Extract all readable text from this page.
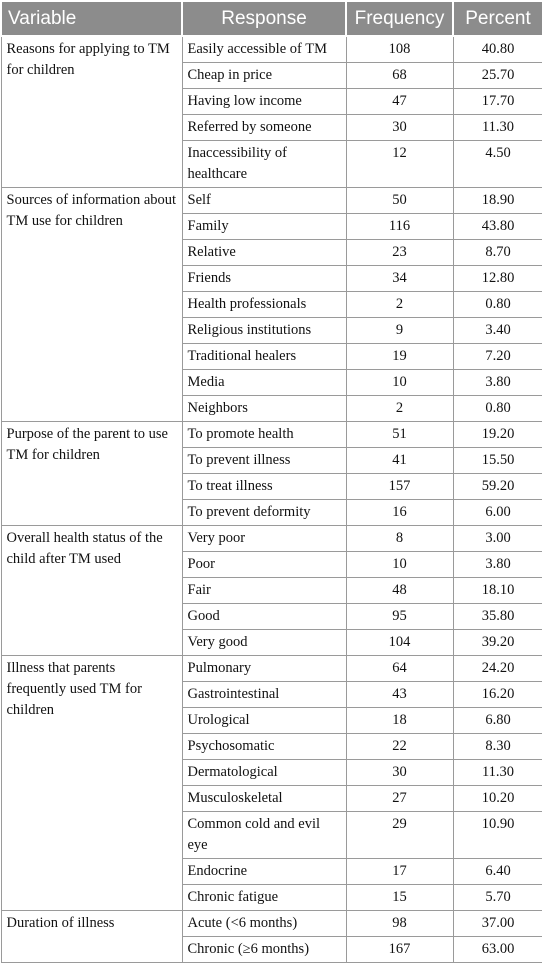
Variable	Response	Frequency	Percent
Reasons for applying to TM for children	Easily accessible of TM	108	40.80
	Cheap in price	68	25.70
	Having low income	47	17.70
	Referred by someone	30	11.30
	Inaccessibility of healthcare	12	4.50
Sources of information about TM use for children	Self	50	18.90
	Family	116	43.80
	Relative	23	8.70
	Friends	34	12.80
	Health professionals	2	0.80
	Religious institutions	9	3.40
	Traditional healers	19	7.20
	Media	10	3.80
	Neighbors	2	0.80
Purpose of the parent to use TM for children	To promote health	51	19.20
	To prevent illness	41	15.50
	To treat illness	157	59.20
	To prevent deformity	16	6.00
Overall health status of the child after TM used	Very poor	8	3.00
	Poor	10	3.80
	Fair	48	18.10
	Good	95	35.80
	Very good	104	39.20
Illness that parents frequently used TM for children	Pulmonary	64	24.20
	Gastrointestinal	43	16.20
	Urological	18	6.80
	Psychosomatic	22	8.30
	Dermatological	30	11.30
	Musculoskeletal	27	10.20
	Common cold and evil eye	29	10.90
	Endocrine	17	6.40
	Chronic fatigue	15	5.70
Duration of illness	Acute (<6 months)	98	37.00
	Chronic (≥6 months)	167	63.00
